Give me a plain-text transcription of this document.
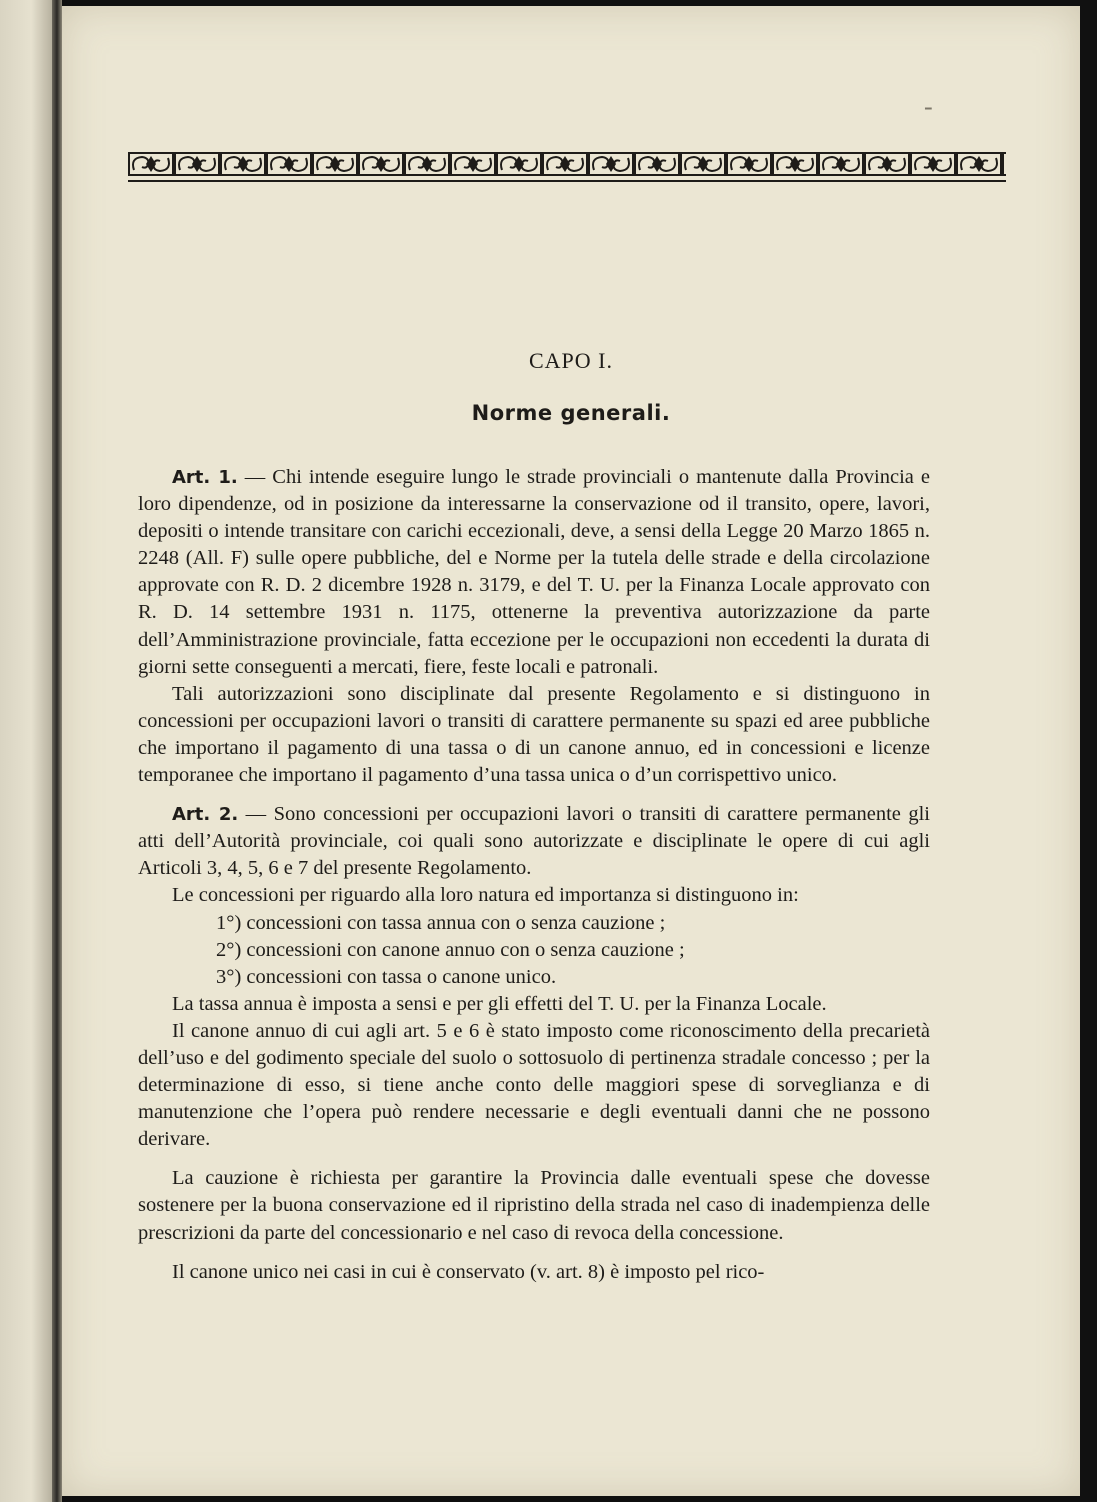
-
CAPO I.
Norme generali.

Art. 1. — Chi intende eseguire lungo le strade provinciali o mantenute dalla Provincia e loro dipendenze, od in posizione da interessarne la conservazione od il transito, opere, lavori, depositi o intende transitare con carichi eccezionali, deve, a sensi della Legge 20 Marzo 1865 n. 2248 (All. F) sulle opere pubbliche, del e Norme per la tutela delle strade e della circolazione approvate con R. D. 2 dicembre 1928 n. 3179, e del T. U. per la Finanza Locale approvato con R. D. 14 settembre 1931 n. 1175, ottenerne la preventiva autorizzazione da parte dell’Amministrazione provinciale, fatta eccezione per le occupazioni non eccedenti la durata di giorni sette conseguenti a mercati, fiere, feste locali e patronali.

Tali autorizzazioni sono disciplinate dal presente Regolamento e si distinguono in concessioni per occupazioni lavori o transiti di carattere permanente su spazi ed aree pubbliche che importano il pagamento di una tassa o di un canone annuo, ed in concessioni e licenze temporanee che importano il pagamento d’una tassa unica o d’un corrispettivo unico.

Art. 2. — Sono concessioni per occupazioni lavori o transiti di carattere permanente gli atti dell’Autorità provinciale, coi quali sono autorizzate e disciplinate le opere di cui agli Articoli 3, 4, 5, 6 e 7 del presente Regolamento.

Le concessioni per riguardo alla loro natura ed importanza si distinguono in:

1°) concessioni con tassa annua con o senza cauzione ;

2°) concessioni con canone annuo con o senza cauzione ;

3°) concessioni con tassa o canone unico.

La tassa annua è imposta a sensi e per gli effetti del T. U. per la Finanza Locale.

Il canone annuo di cui agli art. 5 e 6 è stato imposto come riconoscimento della precarietà dell’uso e del godimento speciale del suolo o sottosuolo di pertinenza stradale concesso ; per la determinazione di esso, si tiene anche conto delle maggiori spese di sorveglianza e di manutenzione che l’opera può rendere necessarie e degli eventuali danni che ne possono derivare.

La cauzione è richiesta per garantire la Provincia dalle eventuali spese che dovesse sostenere per la buona conservazione ed il ripristino della strada nel caso di inadempienza delle prescrizioni da parte del concessionario e nel caso di revoca della concessione.

Il canone unico nei casi in cui è conservato (v. art. 8) è imposto pel rico-
